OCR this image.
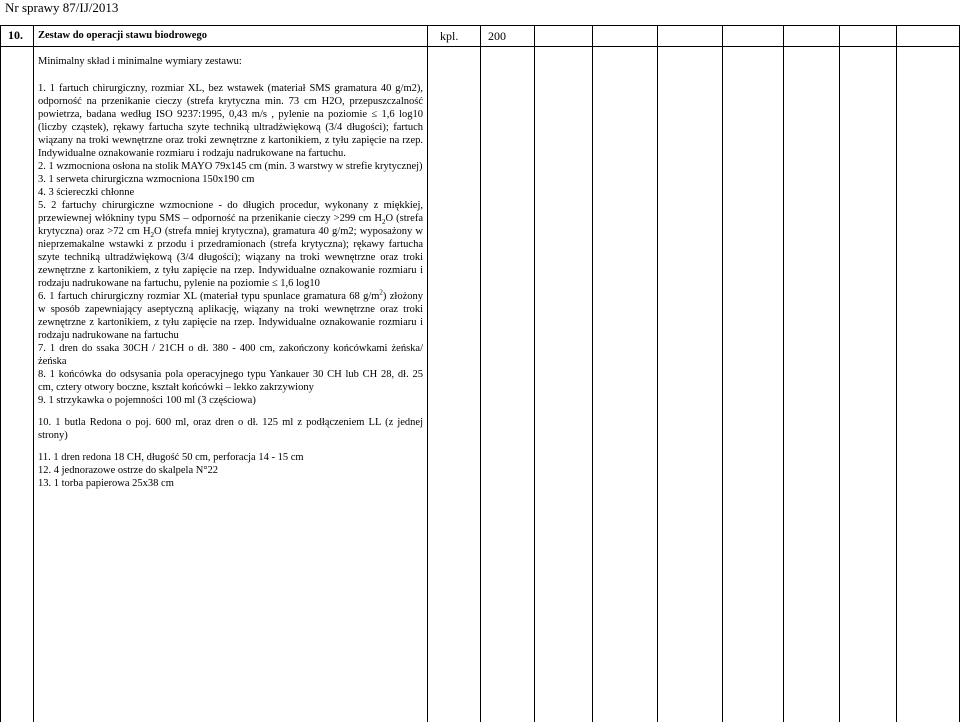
Nr sprawy 87/IJ/2013
10. Zestaw do operacji stawu biodrowego	kpl. 200
Minimalny skład i minimalne wymiary zestawu:

1. 1 fartuch chirurgiczny, rozmiar XL, bez wstawek (materiał SMS gramatura 40 g/m2), odporność na przenikanie cieczy (strefa krytyczna min. 73 cm H2O, przepuszczalność powietrza, badana według ISO 9237:1995, 0,43 m/s , pylenie na poziomie ≤ 1,6 log10 (liczby cząstek), rękawy fartucha szyte techniką ultradźwiękową (3/4 długości); fartuch wiązany na troki wewnętrzne oraz troki zewnętrzne z kartonikiem, z tyłu zapięcie na rzep. Indywidualne oznakowanie rozmiaru i rodzaju nadrukowane na fartuchu.

2. 1 wzmocniona osłona na stolik MAYO 79x145 cm (min. 3 warstwy w strefie krytycznej)

3. 1 serweta chirurgiczna wzmocniona 150x190 cm

4. 3 ściereczki chłonne

5. 2 fartuchy chirurgiczne wzmocnione - do długich procedur, wykonany z miękkiej, przewiewnej włókniny typu SMS – odporność na przenikanie cieczy >299 cm $H_2O$ (strefa krytyczna) oraz >72 cm $H_2O$ (strefa mniej krytyczna), gramatura 40 g/m2; wyposażony w nieprzemakalne wstawki z przodu i przedramionach (strefa krytyczna); rękawy fartucha szyte techniką ultradźwiękową (3/4 długości); wiązany na troki wewnętrzne oraz troki zewnętrzne z kartonikiem, z tyłu zapięcie na rzep. Indywidualne oznakowanie rozmiaru i rodzaju nadrukowane na fartuchu, pylenie na poziomie ≤ 1,6 log10

6. 1 fartuch chirurgiczny rozmiar XL (materiał typu spunlace gramatura 68 $g/m^2$) złożony w sposób zapewniający aseptyczną aplikację, wiązany na troki wewnętrzne oraz troki zewnętrzne z kartonikiem, z tyłu zapięcie na rzep. Indywidualne oznakowanie rozmiaru i rodzaju nadrukowane na fartuchu

7. 1 dren do ssaka 30CH / 21CH o dł. 380 - 400 cm, zakończony końcówkami żeńska/żeńska

8. 1 końcówka do odsysania pola operacyjnego typu Yankauer 30 CH lub CH 28, dł. 25 cm, cztery otwory boczne, kształt końcówki – lekko zakrzywiony

9. 1 strzykawka o pojemności 100 ml (3 częściowa)

10. 1 butla Redona o poj. 600 ml, oraz dren o dł. 125 ml z podłączeniem LL (z jednej strony)

11. 1 dren redona 18 CH, długość 50 cm, perforacja 14 - 15 cm

12. 4 jednorazowe ostrze do skalpela N°22

13. 1 torba papierowa 25x38 cm
